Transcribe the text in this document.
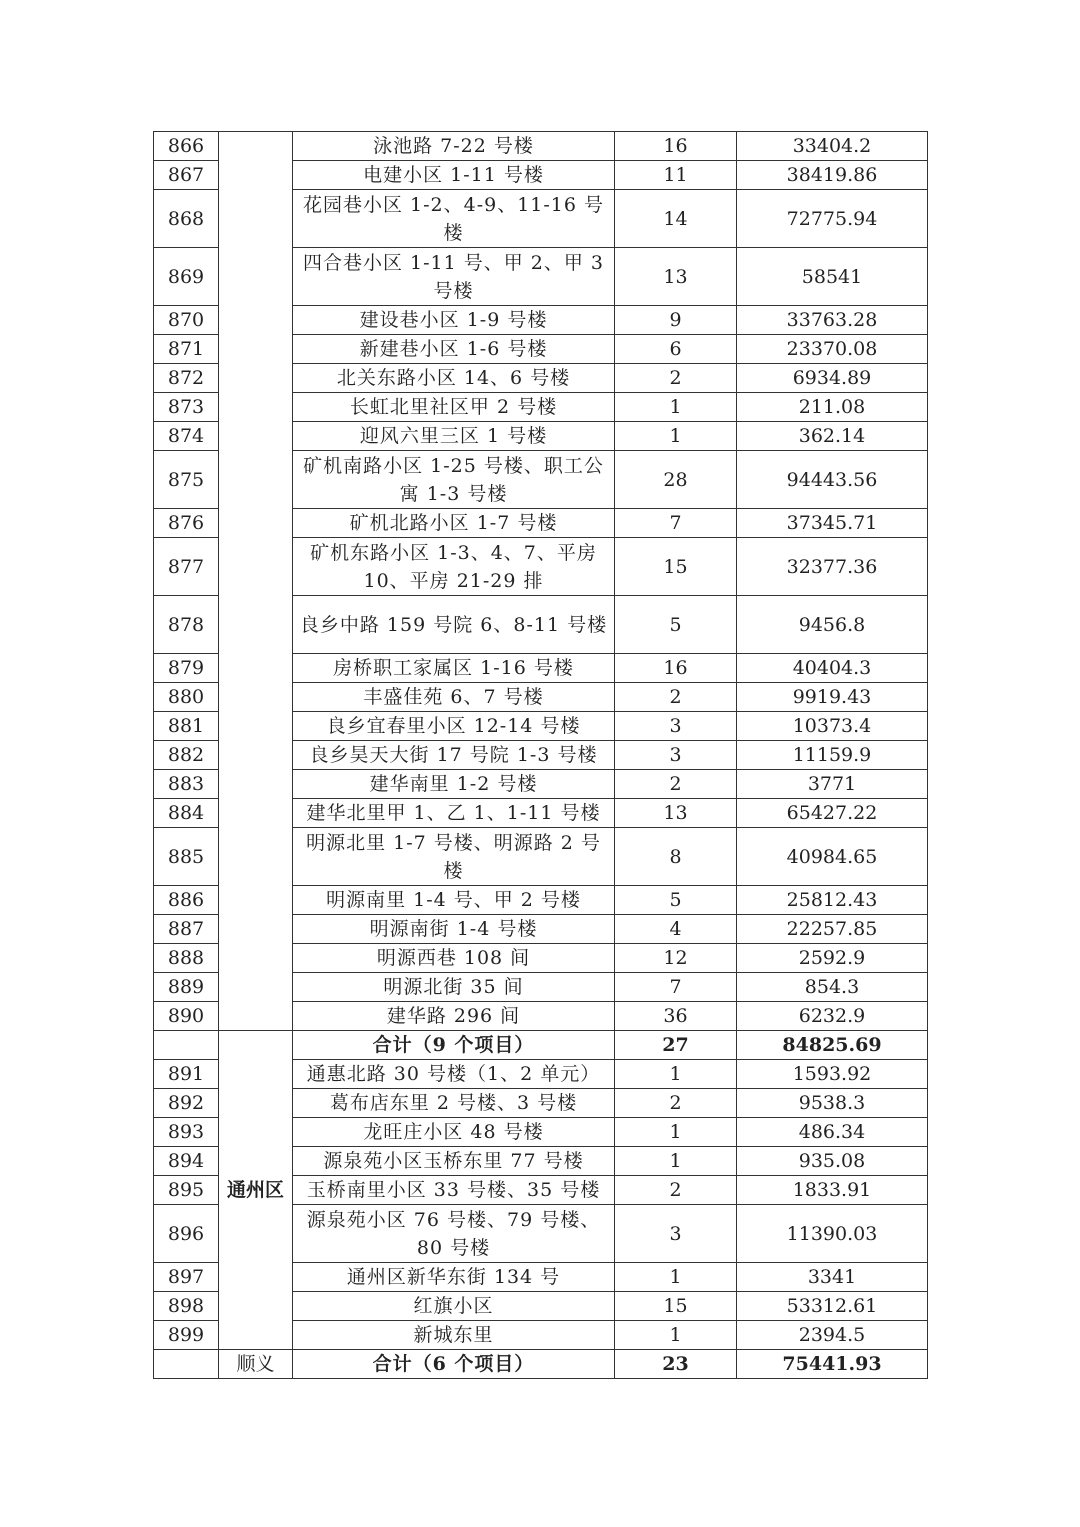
866		泳池路 7-22 号楼	16	33404.2
867		电建小区 1-11 号楼	11	38419.86
868		花园巷小区 1-2、4-9、11-16 号楼	14	72775.94
869		四合巷小区 1-11 号、甲 2、甲 3 号楼	13	58541
870		建设巷小区 1-9 号楼	9	33763.28
871		新建巷小区 1-6 号楼	6	23370.08
872		北关东路小区 14、6 号楼	2	6934.89
873		长虹北里社区甲 2 号楼	1	211.08
874		迎风六里三区 1 号楼	1	362.14
875		矿机南路小区 1-25 号楼、职工公寓 1-3 号楼	28	94443.56
876		矿机北路小区 1-7 号楼	7	37345.71
877		矿机东路小区 1-3、4、7、平房 10、平房 21-29 排	15	32377.36
878		良乡中路 159 号院 6、8-11 号楼	5	9456.8
879		房桥职工家属区 1-16 号楼	16	40404.3
880		丰盛佳苑 6、7 号楼	2	9919.43
881		良乡宜春里小区 12-14 号楼	3	10373.4
882		良乡昊天大街 17 号院 1-3 号楼	3	11159.9
883		建华南里 1-2 号楼	2	3771
884		建华北里甲 1、乙 1、1-11 号楼	13	65427.22
885		明源北里 1-7 号楼、明源路 2 号楼	8	40984.65
886		明源南里 1-4 号、甲 2 号楼	5	25812.43
887		明源南街 1-4 号楼	4	22257.85
888		明源西巷 108 间	12	2592.9
889		明源北街 35 间	7	854.3
890		建华路 296 间	36	6232.9
	通州区	合计（9 个项目）	27	84825.69
891		通惠北路 30 号楼（1、2 单元）	1	1593.92
892		葛布店东里 2 号楼、3 号楼	2	9538.3
893		龙旺庄小区 48 号楼	1	486.34
894		源泉苑小区玉桥东里 77 号楼	1	935.08
895		玉桥南里小区 33 号楼、35 号楼	2	1833.91
896		源泉苑小区 76 号楼、79 号楼、80 号楼	3	11390.03
897		通州区新华东街 134 号	1	3341
898		红旗小区	15	53312.61
899		新城东里	1	2394.5
	顺义	合计（6 个项目）	23	75441.93
